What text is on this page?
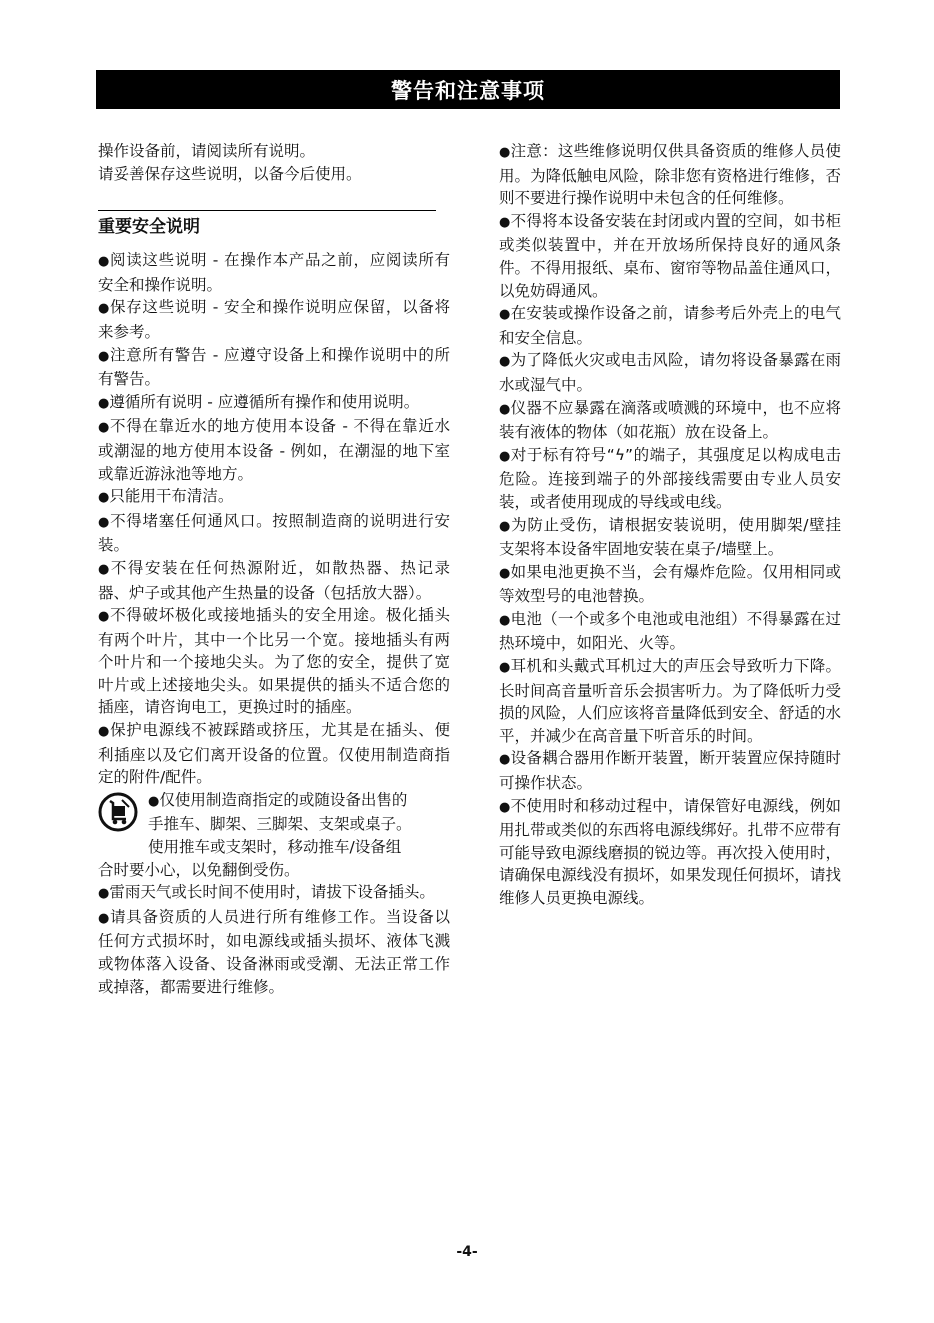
警告和注意事项

操作设备前，请阅读所有说明。

请妥善保存这些说明，以备今后使用。

重要安全说明

●阅读这些说明 - 在操作本产品之前，应阅读所有安全和操作说明。

●保存这些说明 - 安全和操作说明应保留，以备将来参考。

●注意所有警告 - 应遵守设备上和操作说明中的所有警告。

●遵循所有说明 - 应遵循所有操作和使用说明。

●不得在靠近水的地方使用本设备 - 不得在靠近水或潮湿的地方使用本设备 - 例如，在潮湿的地下室或靠近游泳池等地方。

●只能用干布清洁。

●不得堵塞任何通风口。按照制造商的说明进行安装。

●不得安装在任何热源附近，如散热器、热记录器、炉子或其他产生热量的设备（包括放大器）。

●不得破坏极化或接地插头的安全用途。极化插头有两个叶片，其中一个比另一个宽。接地插头有两个叶片和一个接地尖头。为了您的安全，提供了宽叶片或上述接地尖头。如果提供的插头不适合您的插座，请咨询电工，更换过时的插座。

●保护电源线不被踩踏或挤压，尤其是在插头、便利插座以及它们离开设备的位置。仅使用制造商指定的附件/配件。

●仅使用制造商指定的或随设备出售的

手推车、脚架、三脚架、支架或桌子。

使用推车或支架时，移动推车/设备组

合时要小心，以免翻倒受伤。

●雷雨天气或长时间不使用时，请拔下设备插头。

●请具备资质的人员进行所有维修工作。当设备以任何方式损坏时，如电源线或插头损坏、液体飞溅或物体落入设备、设备淋雨或受潮、无法正常工作或掉落，都需要进行维修。

●注意：这些维修说明仅供具备资质的维修人员使用。为降低触电风险，除非您有资格进行维修，否则不要进行操作说明中未包含的任何维修。

●不得将本设备安装在封闭或内置的空间，如书柜或类似装置中，并在开放场所保持良好的通风条件。不得用报纸、桌布、窗帘等物品盖住通风口，以免妨碍通风。

●在安装或操作设备之前，请参考后外壳上的电气和安全信息。

●为了降低火灾或电击风险，请勿将设备暴露在雨水或湿气中。

●仪器不应暴露在滴落或喷溅的环境中，也不应将装有液体的物体（如花瓶）放在设备上。

●对于标有符号“ϟ”的端子，其强度足以构成电击危险。连接到端子的外部接线需要由专业人员安装，或者使用现成的导线或电线。

●为防止受伤，请根据安装说明，使用脚架/壁挂支架将本设备牢固地安装在桌子/墙壁上。

●如果电池更换不当，会有爆炸危险。仅用相同或等效型号的电池替换。

●电池（一个或多个电池或电池组）不得暴露在过热环境中，如阳光、火等。

●耳机和头戴式耳机过大的声压会导致听力下降。长时间高音量听音乐会损害听力。为了降低听力受损的风险，人们应该将音量降低到安全、舒适的水平，并减少在高音量下听音乐的时间。

●设备耦合器用作断开装置，断开装置应保持随时可操作状态。

●不使用时和移动过程中，请保管好电源线，例如用扎带或类似的东西将电源线绑好。扎带不应带有可能导致电源线磨损的锐边等。再次投入使用时，请确保电源线没有损坏，如果发现任何损坏，请找维修人员更换电源线。

-4-
